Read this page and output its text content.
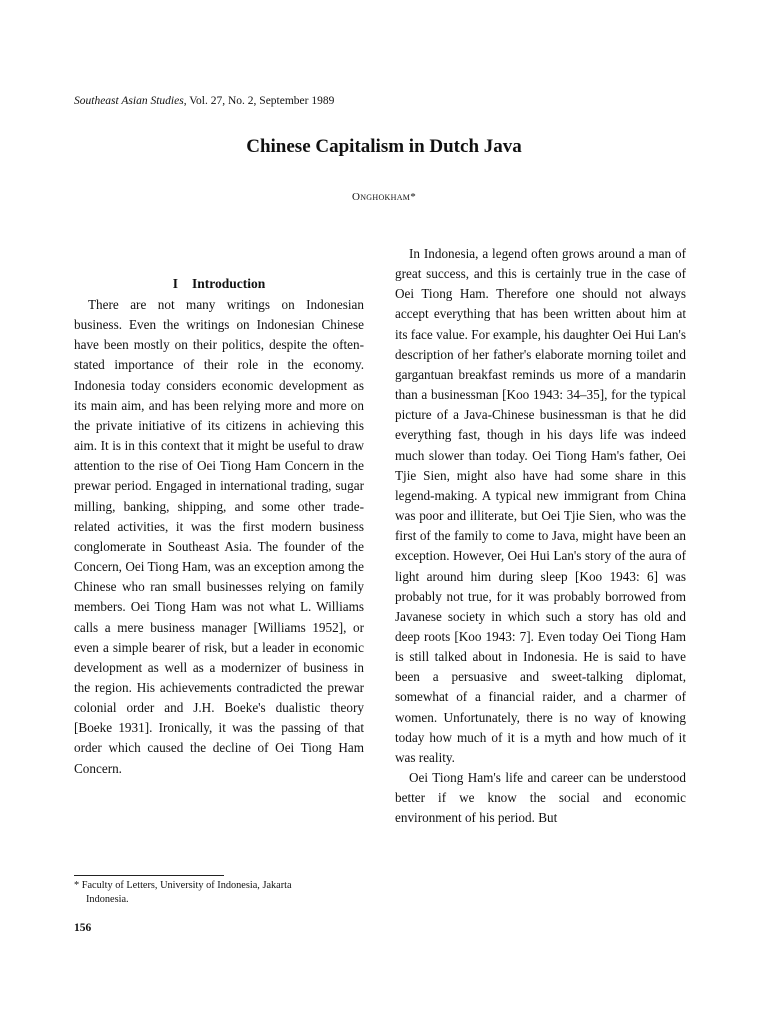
Southeast Asian Studies, Vol. 27, No. 2, September 1989
Chinese Capitalism in Dutch Java
Onghokham*
I Introduction

There are not many writings on Indonesian business. Even the writings on Indonesian Chinese have been mostly on their politics, despite the often-stated importance of their role in the economy. Indonesia today considers economic development as its main aim, and has been relying more and more on the private initiative of its citizens in achieving this aim. It is in this context that it might be useful to draw attention to the rise of Oei Tiong Ham Concern in the prewar period. Engaged in international trading, sugar milling, banking, shipping, and some other trade-related activities, it was the first modern business conglomerate in Southeast Asia. The founder of the Concern, Oei Tiong Ham, was an exception among the Chinese who ran small businesses relying on family members. Oei Tiong Ham was not what L. Williams calls a mere business manager [Williams 1952], or even a simple bearer of risk, but a leader in economic development as well as a modernizer of business in the region. His achievements contradicted the prewar colonial order and J.H. Boeke's dualistic theory [Boeke 1931]. Ironically, it was the passing of that order which caused the decline of Oei Tiong Ham Concern.

In Indonesia, a legend often grows around a man of great success, and this is certainly true in the case of Oei Tiong Ham. Therefore one should not always accept everything that has been written about him at its face value. For example, his daughter Oei Hui Lan's description of her father's elaborate morning toilet and gargantuan breakfast reminds us more of a mandarin than a businessman [Koo 1943: 34–35], for the typical picture of a Java-Chinese businessman is that he did everything fast, though in his days life was indeed much slower than today. Oei Tiong Ham's father, Oei Tjie Sien, might also have had some share in this legend-making. A typical new immigrant from China was poor and illiterate, but Oei Tjie Sien, who was the first of the family to come to Java, might have been an exception. However, Oei Hui Lan's story of the aura of light around him during sleep [Koo 1943: 6] was probably not true, for it was probably borrowed from Javanese society in which such a story has old and deep roots [Koo 1943: 7]. Even today Oei Tiong Ham is still talked about in Indonesia. He is said to have been a persuasive and sweet-talking diplomat, somewhat of a financial raider, and a charmer of women. Unfortunately, there is no way of knowing today how much of it is a myth and how much of it was reality.

Oei Tiong Ham's life and career can be understood better if we know the social and economic environment of his period. But

* Faculty of Letters, University of Indonesia, Jakarta
Indonesia.
156
